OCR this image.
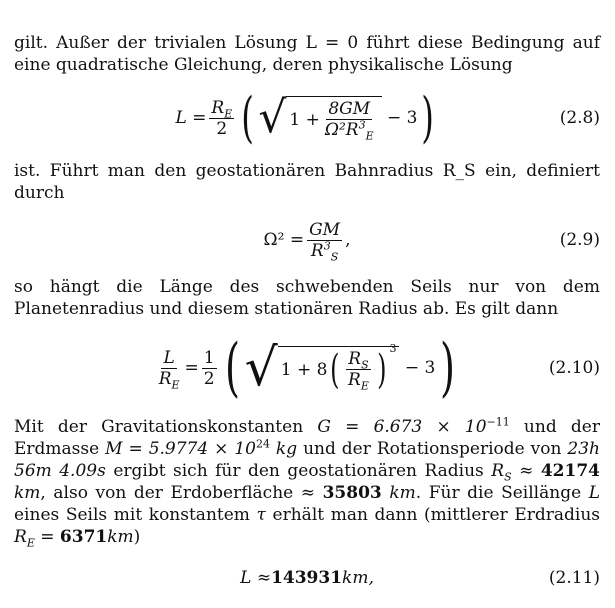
gilt. Außer der trivialen Lösung L = 0 führt diese Bedingung auf eine quadratische Gleichung, deren physikalische Lösung

$L = \frac{R_E}{2}$ ( √ $1 + \frac{8GM}{\Omega^2R^3_E}$
− 3 )	(2.8)

ist. Führt man den geostationären Bahnradius R_S ein, definiert durch

$\Omega^2 = \frac{GM}{R^3_S}$ ,	(2.9)

so hängt die Länge des schwebenden Seils nur von dem Planetenradius und diesem stationären Radius ab. Es gilt dann

$\frac{L}{R_E} = \frac{1}{2}$ ( √ 1 + 8 ( $\frac{R_S}{R_E}$ ) 3

− 3 )	(2.10)

Mit der Gravitationskonstanten $G = 6.673 \times 10^{-11}$ und der Erdmasse $M = 5.9774 \times 10^{24}$ kg und der Rotationsperiode von 23h 56m 4.09s ergibt sich für den geostationären Radius $R_S \approx 42174$ km, also von der Erdoberfläche ≈ 35803 km. Für die Seillänge L eines Seils mit konstantem τ erhält man dann (mittlerer Erdradius $R_E = 6371km$)

L ≈ 143931 km,	(2.11)
